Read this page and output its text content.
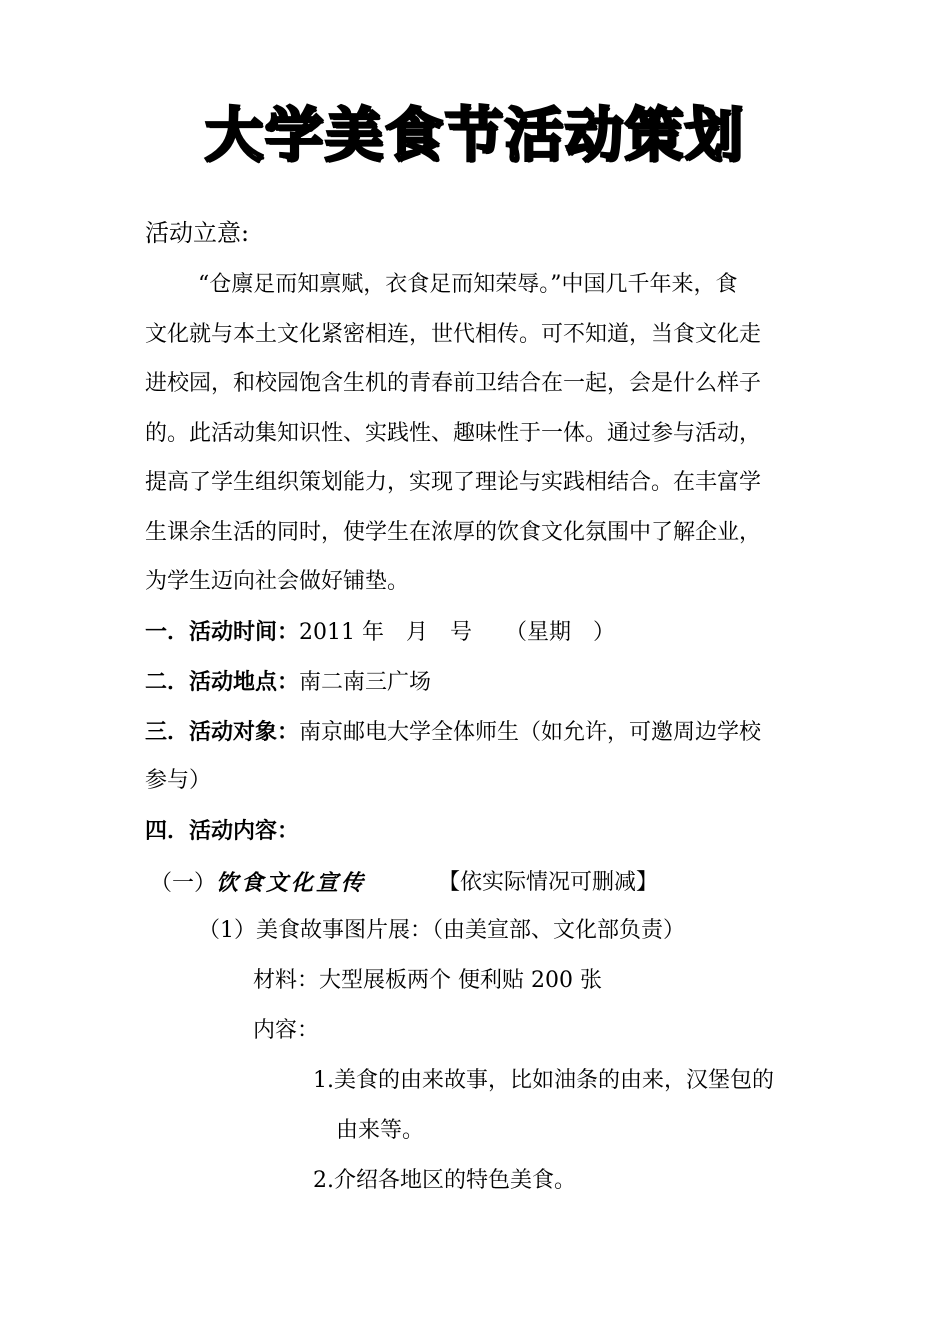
大学美食节活动策划
活动立意:
“仓廪足而知禀赋，衣食足而知荣辱。”中国几千年来，食
文化就与本土文化紧密相连，世代相传。可不知道，当食文化走
进校园，和校园饱含生机的青春前卫结合在一起，会是什么样子
的。此活动集知识性、实践性、趣味性于一体。通过参与活动，
提高了学生组织策划能力，实现了理论与实践相结合。在丰富学
生课余生活的同时，使学生在浓厚的饮食文化氛围中了解企业，
为学生迈向社会做好铺垫。
一．活动时间：2011 年　月　号　　（星期　）
二．活动地点：南二南三广场
三．活动对象：南京邮电大学全体师生（如允许，可邀周边学校
参与）
四．活动内容：
（一）饮食文化宣传	【依实际情况可删减】
（1）美食故事图片展：（由美宣部、文化部负责）
材料：大型展板两个 便利贴 200 张
内容：
1.美食的由来故事，比如油条的由来，汉堡包的
由来等。
2.介绍各地区的特色美食。
